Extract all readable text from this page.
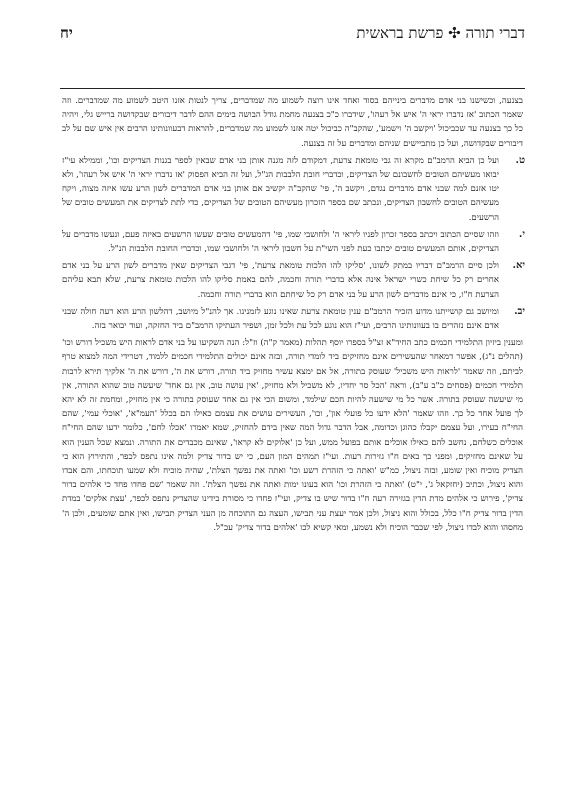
יח	דברי תורה ✣ פרשת בראשית

בצנעה, וכשישנו בני אדם מדברים בינייהם בסוד ואחד אינו רוצה לשמוע מה שמדברים, צריך לנטות אזנו היטב לשמוע מה שמדברים. וזה שאמר הכתוב 'אז נדברו יראי ה' איש אל רעהו', שידברו כ"כ בצנעה מחמת גודל הבושה בימים ההם לדבר דיבורים שבקדושה ברייש גלי, ויהיה כל כך בצנעה עד שכביכול 'ויקשב ה' וישמע', שהקב"ה כביכול יטה אזנו לשמוע מה שמדברים, להראות דבעוונותינו הרבים אין איש שם על לב דיבורים שבקדושה, ועל כן מתביישים שניהם ומדברים על זה בצנעה.

ט.
ועל כן הביא הרמב"ם מקרא זה גבי טומאת צרעת, דמקודם לזה מגנה אותן בני אדם שבאין לספר בגנות הצדיקים וכו', וממילא עי"ז יבואו מעשיהם הטובים לחשבונם של הצדיקים, וכדברי חובת הלבבות הנ"ל, ועל זה הביא הפסוק 'אז נדברו יראי ה' איש אל רעהו', ולא יטו אזנם למה שבני אדם מדברים נגדם, ויקשב ה', פי' שהקב"ה יקשיב אם אותן בני אדם המדברים לשון הרע עשו איזה מצוה, ויקח מעשיהם הטובים לחשבון הצדיקים, ונכתב שם בספר הזכרון מעשיהם הטובים של הצדיקים, כדי לתת לצדיקים את המעשים טובים של הרשעים.

י.
וזהו שסיים הכתוב ויכתב בספר זכרון לפניו ליראי ה' ולחושבי שמו, פי' דהמעשים טובים שעשו הרשעים באיזה פעם, ונעשו מדברים על הצדיקים, אותם המעשים טובים יכתבו כעת לפני השי"ת על חשבון ליראי ה' ולחושבי שמו, וכדברי החובת הלבבות הנ"ל.

יא.
ולכן סיים הרמב"ם דבריו במתק לשונו, 'סליקו להו הלכות טומאת צרעת', פי' דגבי הצדיקים שאין מדברים לשון הרע על בני אדם אחרים רק כל שיחת כשרי ישראל אינה אלא בדברי תורה וחכמה, להם באמת סליקו להו הלכות טומאת צרעת, שלא תבא עליהם הצרעת ח"ו, כי אינם מדברים לשון הרע על בני אדם רק כל שיחתם הוא בדברי תורה וחכמה.

יב.
ומיושב גם קושייתנו מדוע הזכיר הרמב"ם ענין טומאת צרעת שאינו נוגע לזמנינו. אך להנ"ל מיושב, דהלשון הרע הוא רעה חולה שבני אדם אינם נזהרים בו בעוונותינו הרבים, ועי"ז הוא נוגע לכל עת ולכל זמן, ושפיר העתיקו הרמב"ם ביד החזקה, ועוד יבואר בזה.

ומענין ביזיון התלמידי חכמים כתב החיד"א זצ"ל בספרו יוסף תהלות (מאמר ק"ה) וז"ל: הנה השקיעו על בני אדם לראות היש משכיל דורש וכו' (תהלים נ"ג), אפשר דמאחר שהעשירים אינם מחזיקים ביד לומדי תורה, ובזה אינם יכולים התלמידי חכמים ללמוד, דטרידי המה למצוא טרף לביתם, וזה שאמר 'לראות היש משכיל' שעוסק בתורה, אל אם ימצא עשיר מחזיק ביד תורה, דורש את ה', דורש את ה' אלקיך תירא לרבות תלמידי חכמים (פסחים כ"ב ע"ב), וראה 'הכל סר יחדיו, לא משכיל ולא מחזיק, 'אין עושה טוב, אין גם אחד' שיעשה טוב שהוא התורה, אין מי שיעשה שעוסק בתורה. אשר כל מי שישעה להיות חכם שילמד, ומשום הכי אין גם אחד שעוסק בתורה כי אין מחזיק, ומחמת זה לא יהא לך פועל אחד כל כך. וזהו שאמר 'הלא ידעו כל פועלי און', וכו', העשירים עושים את עצמם כאילו הם בכלל 'העמ"א', 'אוכלי עמי', שהם החי"ח בעירו, ועל עצמם יקבלו כהוגן וכדומה, אבל הדבר גדול המה שאין בידם להחזיק, שמא יאמרו 'אכלו לחם', כלומר ידעו שהם החי"ח אוכלים כשלחם, נחשב להם כאילו אוכלים אותם בפועל ממש, ועל כן 'אלוקים לא קראו', שאינם מכבדים את התורה. ונמצא שכל הענין הוא על שאינם מחזיקים, ומפני כך באים ח"ו גזירות רעות. ועי"ז תמהים המון העם, כי יש בדור צדיק ולמה אינו נתפס לכפר, והתירוץ הוא כי הצדיק מוכיח ואין שומע, ובזה ניצול, כמ"ש 'ואתה כי הזהרת רשע וכו' ואתה את נפשך הצלת', שהיה מוכיח ולא שמעו תוכחתו, והם אבדו והוא ניצול, וכתיב (יחזקאל ג', י"ט) 'ואתה כי הזהרת וכו' הוא בעונו ימות ואתה את נפשך הצלת'. וזה שאמר 'שם פחדו פחד כי אלהים בדור צדיק', פירוש כי אלהים מדת הדין בגזירה רעה ח"ו בדור שיש בו צדיק, ועי"ז פחדו כי מסורת בידינו שהצדיק נתפס לכפר, 'עצת אלקים' במדת הדין בדור צדיק ח"ו כלל, בכולל והוא ניצול, ולכן אמר יעצת עני תבישו, העצה גם התוכחה מן העני הצדיק תבישו, ואין אתם שומעים, ולכן ה' מחסהו והוא לבדו ניצול, לפי שכבר הוכיח ולא נשמע, ומאי קשיא לכו 'אלהים בדור צדיק' עכ"ל.
